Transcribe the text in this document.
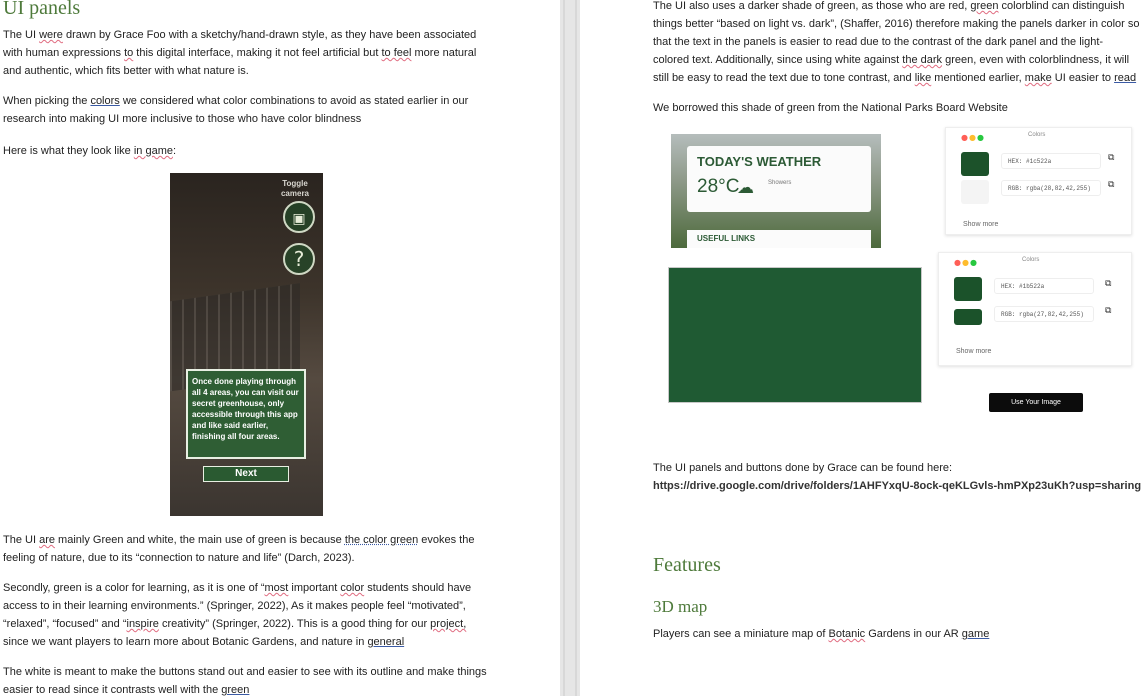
UI panels
The UI were drawn by Grace Foo with a sketchy/hand-drawn style, as they have been associated
with human expressions to this digital interface, making it not feel artificial but to feel more natural
and authentic, which fits better with what nature is.
When picking the colors we considered what color combinations to avoid as stated earlier in our
research into making UI more inclusive to those who have color blindness
Here is what they look like in game:
Toggle camera
▣
?
Once done playing through all 4 areas, you can visit our secret greenhouse, only accessible through this app and like said earlier, finishing all four areas.
Next
The UI are mainly Green and white, the main use of green is because the color green evokes the
feeling of nature, due to its “connection to nature and life” (Darch, 2023).
Secondly, green is a color for learning, as it is one of “most important color students should have
access to in their learning environments.” (Springer, 2022), As it makes people feel “motivated”,
“relaxed”, “focused” and “inspire creativity” (Springer, 2022). This is a good thing for our project,
since we want players to learn more about Botanic Gardens, and nature in general
The white is meant to make the buttons stand out and easier to see with its outline and make things
easier to read since it contrasts well with the green
The UI also uses a darker shade of green, as those who are red, green colorblind can distinguish
things better “based on light vs. dark”, (Shaffer, 2016) therefore making the panels darker in color so
that the text in the panels is easier to read due to the contrast of the dark panel and the light-
colored text. Additionally, since using white against the dark green, even with colorblindness, it will
still be easy to read the text due to tone contrast, and like mentioned earlier, make UI easier to read
We borrowed this shade of green from the National Parks Board Website
TODAY'S WEATHER
28°C
☁ Showers
USEFUL LINKS
●●●	Colors
HEX: #1c522a
RGB: rgba(28,82,42,255)
⧉
⧉
Show more
●●●	Colors
HEX: #1b522a
RGB: rgba(27,82,42,255)
⧉
⧉
Show more
Use Your Image
The UI panels and buttons done by Grace can be found here:
https://drive.google.com/drive/folders/1AHFYxqU-8ock-qeKLGvls-hmPXp23uKh?usp=sharing
Features
3D map
Players can see a miniature map of Botanic Gardens in our AR game
